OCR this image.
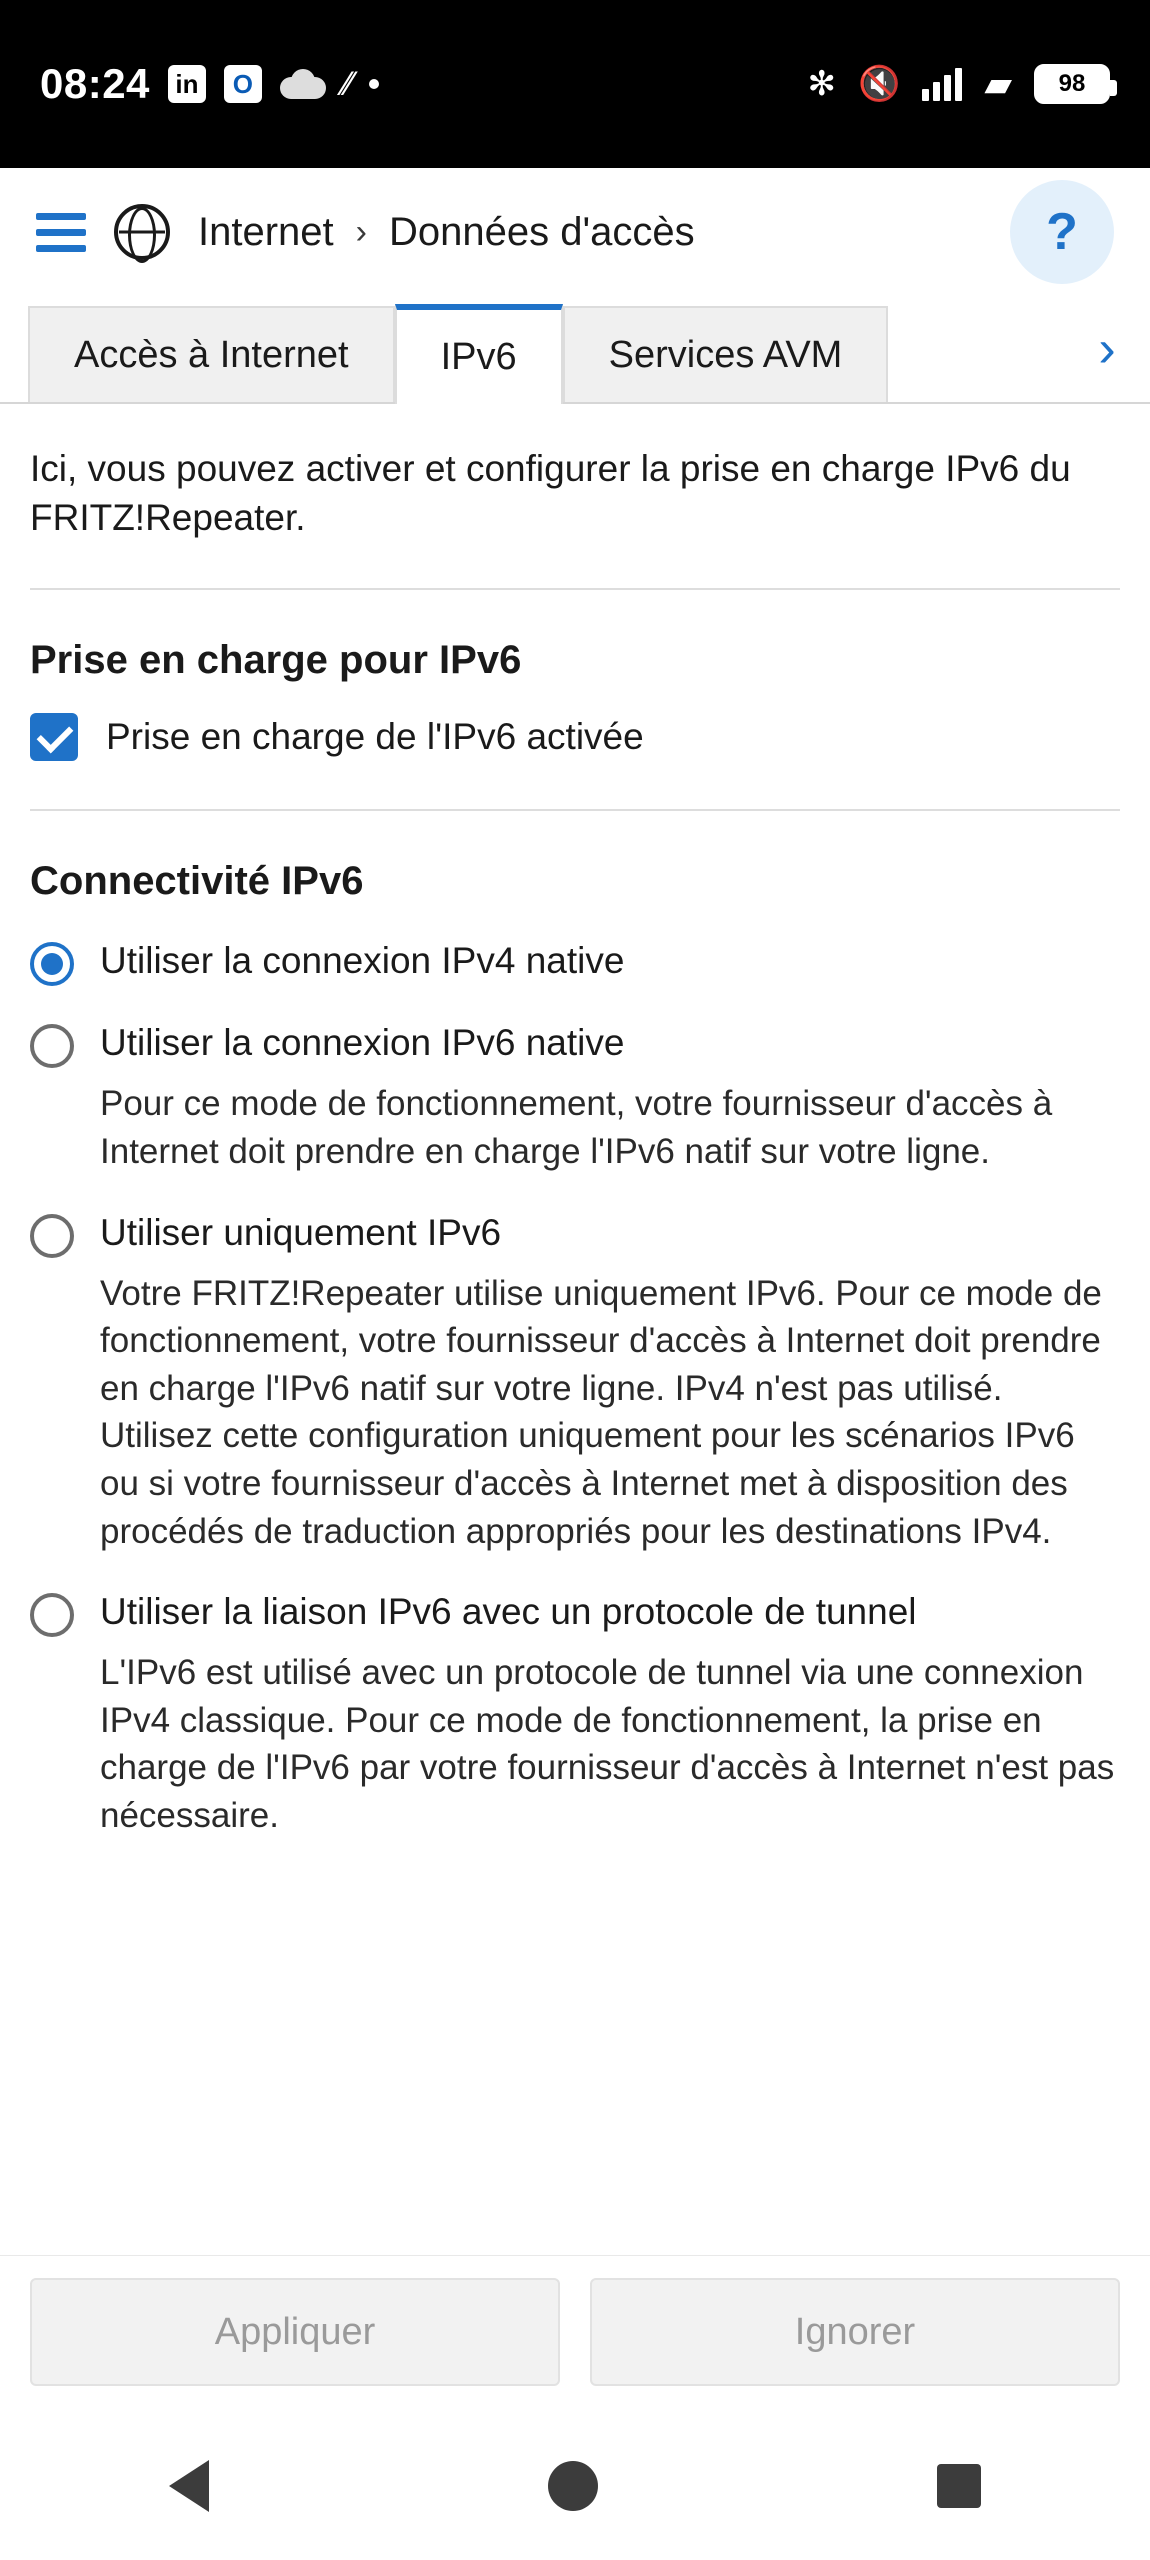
08:24 in	O	⁄⁄	✻ 🔇 ▰ 98
Internet › Données d'accès	?
Accès à Internet	IPv6	Services AVM	›
Ici, vous pouvez activer et configurer la prise en charge IPv6 du FRITZ!Repeater.
Prise en charge pour IPv6
Prise en charge de l'IPv6 activée
Connectivité IPv6
Utiliser la connexion IPv4 native
Utiliser la connexion IPv6 native
Pour ce mode de fonctionnement, votre fournisseur d'accès à Internet doit prendre en charge l'IPv6 natif sur votre ligne.
Utiliser uniquement IPv6
Votre FRITZ!Repeater utilise uniquement IPv6. Pour ce mode de fonctionnement, votre fournisseur d'accès à Internet doit prendre en charge l'IPv6 natif sur votre ligne. IPv4 n'est pas utilisé. Utilisez cette configuration uniquement pour les scénarios IPv6 ou si votre fournisseur d'accès à Internet met à disposition des procédés de traduction appropriés pour les destinations IPv4.
Utiliser la liaison IPv6 avec un protocole de tunnel
L'IPv6 est utilisé avec un protocole de tunnel via une connexion IPv4 classique. Pour ce mode de fonctionnement, la prise en charge de l'IPv6 par votre fournisseur d'accès à Internet n'est pas nécessaire.
Appliquer	Ignorer
